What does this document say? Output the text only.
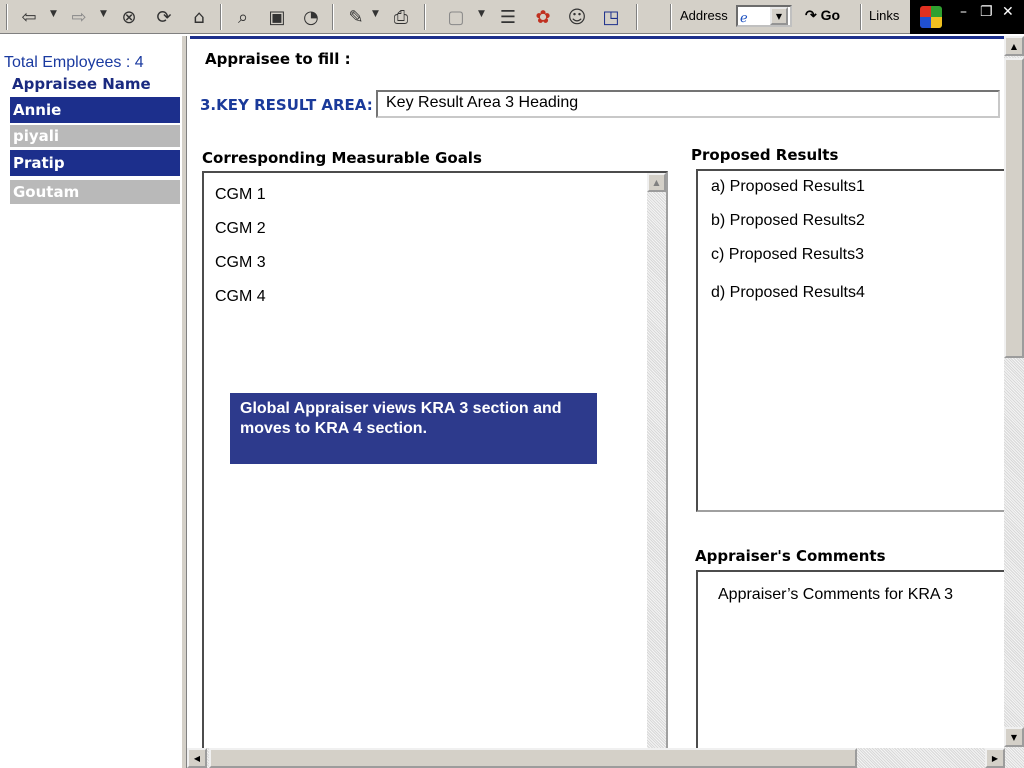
⇦	▼ ⇨	▼ ⊗	⟳	⌂	⌕	▣ ◔ ✎ ▼ ⎙	▢	▼ ☰	✿ ☺ ◳	Address ℯ	▼	↷ Go Links	– ❐ ✕
Total Employees : 4
Appraisee Name
Annie
piyali
Pratip
Goutam
Appraisee to fill :
3.KEY RESULT AREA: Key Result Area 3 Heading
Corresponding Measurable Goals
CGM 1
CGM 2
CGM 3
CGM 4
▲
Global Appraiser views KRA 3 section and moves to KRA 4 section.
Proposed Results
a) Proposed Results1
b) Proposed Results2
c) Proposed Results3
d) Proposed Results4
Appraiser's Comments
Appraiser’s Comments for KRA 3
▲
▼
◀	▶
